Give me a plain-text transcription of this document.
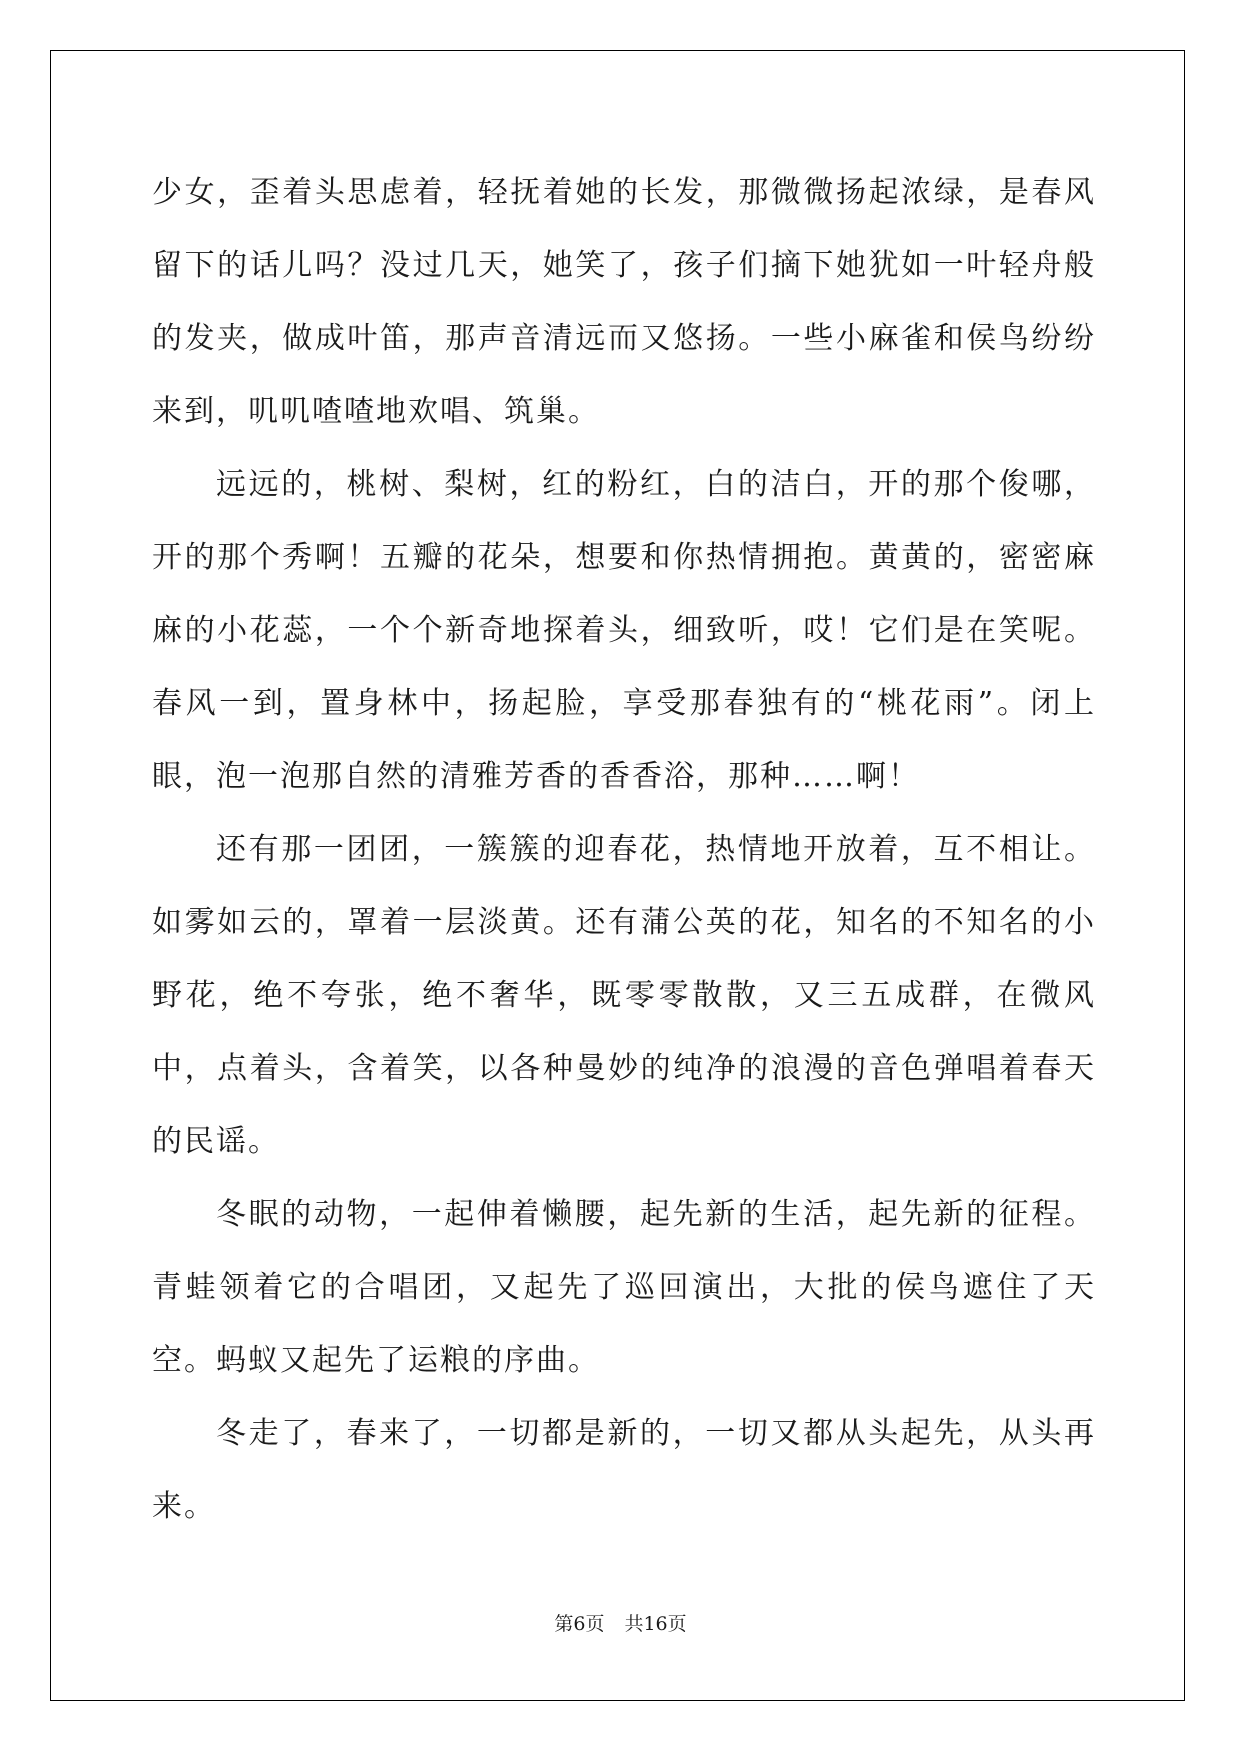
少女，歪着头思虑着，轻抚着她的长发，那微微扬起浓绿，是春风留下的话儿吗？没过几天，她笑了，孩子们摘下她犹如一叶轻舟般的发夹，做成叶笛，那声音清远而又悠扬。一些小麻雀和侯鸟纷纷来到，叽叽喳喳地欢唱、筑巢。

远远的，桃树、梨树，红的粉红，白的洁白，开的那个俊哪，开的那个秀啊！五瓣的花朵，想要和你热情拥抱。黄黄的，密密麻麻的小花蕊，一个个新奇地探着头，细致听，哎！它们是在笑呢。春风一到，置身林中，扬起脸，享受那春独有的“桃花雨”。闭上眼，泡一泡那自然的清雅芳香的香香浴，那种……啊！

还有那一团团，一簇簇的迎春花，热情地开放着，互不相让。如雾如云的，罩着一层淡黄。还有蒲公英的花，知名的不知名的小野花，绝不夸张，绝不奢华，既零零散散，又三五成群，在微风中，点着头，含着笑，以各种曼妙的纯净的浪漫的音色弹唱着春天的民谣。

冬眠的动物，一起伸着懒腰，起先新的生活，起先新的征程。青蛙领着它的合唱团，又起先了巡回演出，大批的侯鸟遮住了天空。蚂蚁又起先了运粮的序曲。

冬走了，春来了，一切都是新的，一切又都从头起先，从头再来。

第6页 共16页
